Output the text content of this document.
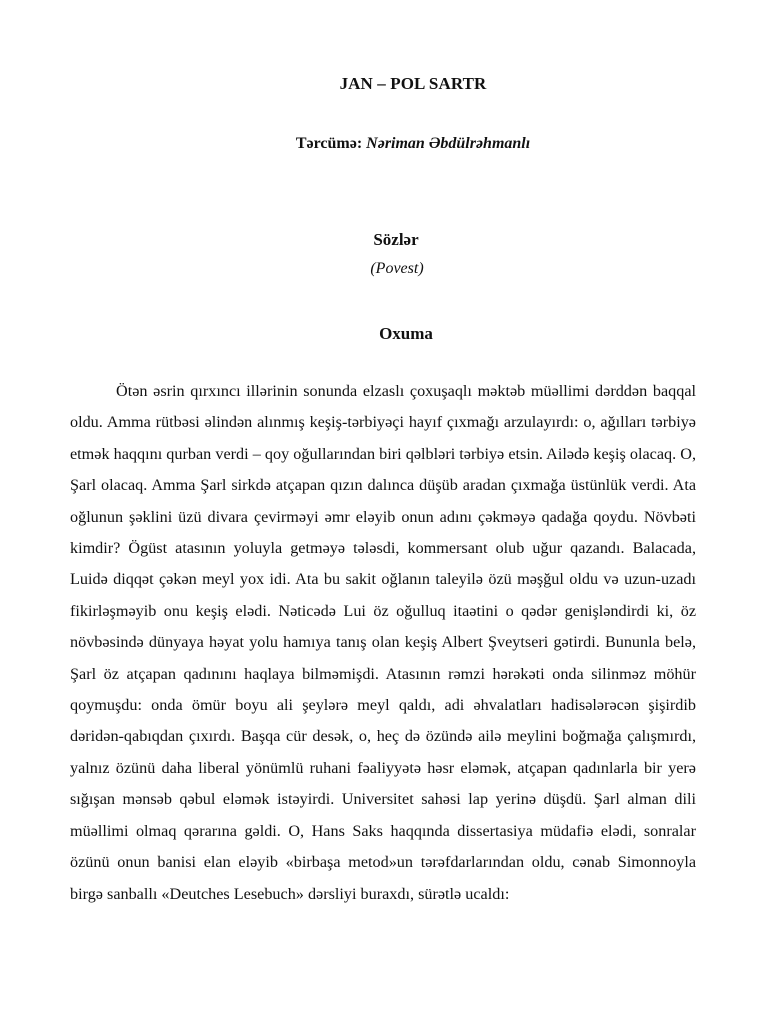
JAN – POL SARTR
Tərcümə: Nəriman Əbdülrəhmanlı
Sözlər
(Povest)
Oxuma

Ötən əsrin qırxıncı illərinin sonunda elzaslı çoxuşaqlı məktəb müəllimi dərddən baqqal oldu. Amma rütbəsi əlindən alınmış keşiş-tərbiyəçi hayıf çıxmağı arzulayırdı: o, ağılları tərbiyə etmək haqqını qurban verdi – qoy oğullarından biri qəlbləri tərbiyə etsin. Ailədə keşiş olacaq. O, Şarl olacaq. Amma Şarl sirkdə atçapan qızın dalınca düşüb aradan çıxmağa üstünlük verdi. Ata oğlunun şəklini üzü divara çevirməyi əmr eləyib onun adını çəkməyə qadağa qoydu. Növbəti kimdir? Ögüst atasının yoluyla getməyə tələsdi, kommersant olub uğur qazandı. Balacada, Luidə diqqət çəkən meyl yox idi. Ata bu sakit oğlanın taleyilə özü məşğul oldu və uzun-uzadı fikirləşməyib onu keşiş elədi. Nəticədə Lui öz oğulluq itaətini o qədər genişləndirdi ki, öz növbəsində dünyaya həyat yolu hamıya tanış olan keşiş Albert Şveytseri gətirdi. Bununla belə, Şarl öz atçapan qadınını haqlaya bilməmişdi. Atasının rəmzi hərəkəti onda silinməz möhür qoymuşdu: onda ömür boyu ali şeylərə meyl qaldı, adi əhvalatları hadisələrəcən şişirdib dəridən-qabıqdan çıxırdı. Başqa cür desək, o, heç də özündə ailə meylini boğmağa çalışmırdı, yalnız özünü daha liberal yönümlü ruhani fəaliyyətə həsr eləmək, atçapan qadınlarla bir yerə sığışan mənsəb qəbul eləmək istəyirdi. Universitet sahəsi lap yerinə düşdü. Şarl alman dili müəllimi olmaq qərarına gəldi. O, Hans Saks haqqında dissertasiya müdafiə elədi, sonralar özünü onun banisi elan eləyib «birbaşa metod»un tərəfdarlarından oldu, cənab Simonnoyla birgə sanballı «Deutches Lesebuch» dərsliyi buraxdı, sürətlə ucaldı:
